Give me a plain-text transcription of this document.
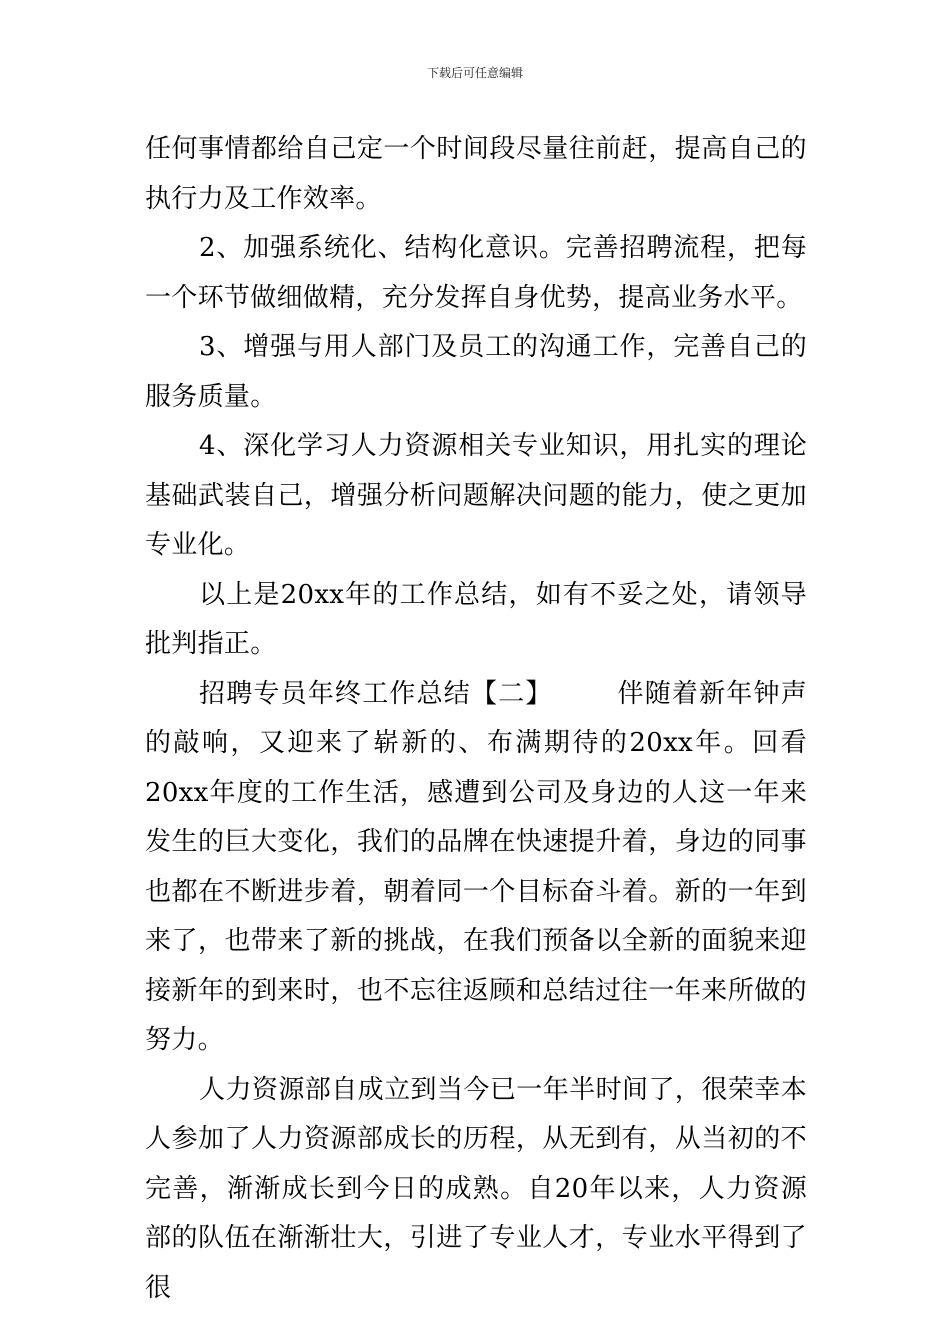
下载后可任意编辑

任何事情都给自己定一个时间段尽量往前赶，提高自己的执行力及工作效率。

2、加强系统化、结构化意识。完善招聘流程，把每一个环节做细做精，充分发挥自身优势，提高业务水平。

3、增强与用人部门及员工的沟通工作，完善自己的服务质量。

4、深化学习人力资源相关专业知识，用扎实的理论基础武装自己，增强分析问题解决问题的能力，使之更加专业化。

以上是20xx年的工作总结，如有不妥之处，请领导批判指正。

招聘专员年终工作总结【二】 伴随着新年钟声的敲响，又迎来了崭新的、布满期待的20xx年。回看20xx年度的工作生活，感遭到公司及身边的人这一年来发生的巨大变化，我们的品牌在快速提升着，身边的同事也都在不断进步着，朝着同一个目标奋斗着。新的一年到来了，也带来了新的挑战，在我们预备以全新的面貌来迎接新年的到来时，也不忘往返顾和总结过往一年来所做的努力。

人力资源部自成立到当今已一年半时间了，很荣幸本人参加了人力资源部成长的历程，从无到有，从当初的不完善，渐渐成长到今日的成熟。自20年以来，人力资源部的队伍在渐渐壮大，引进了专业人才，专业水平得到了很
